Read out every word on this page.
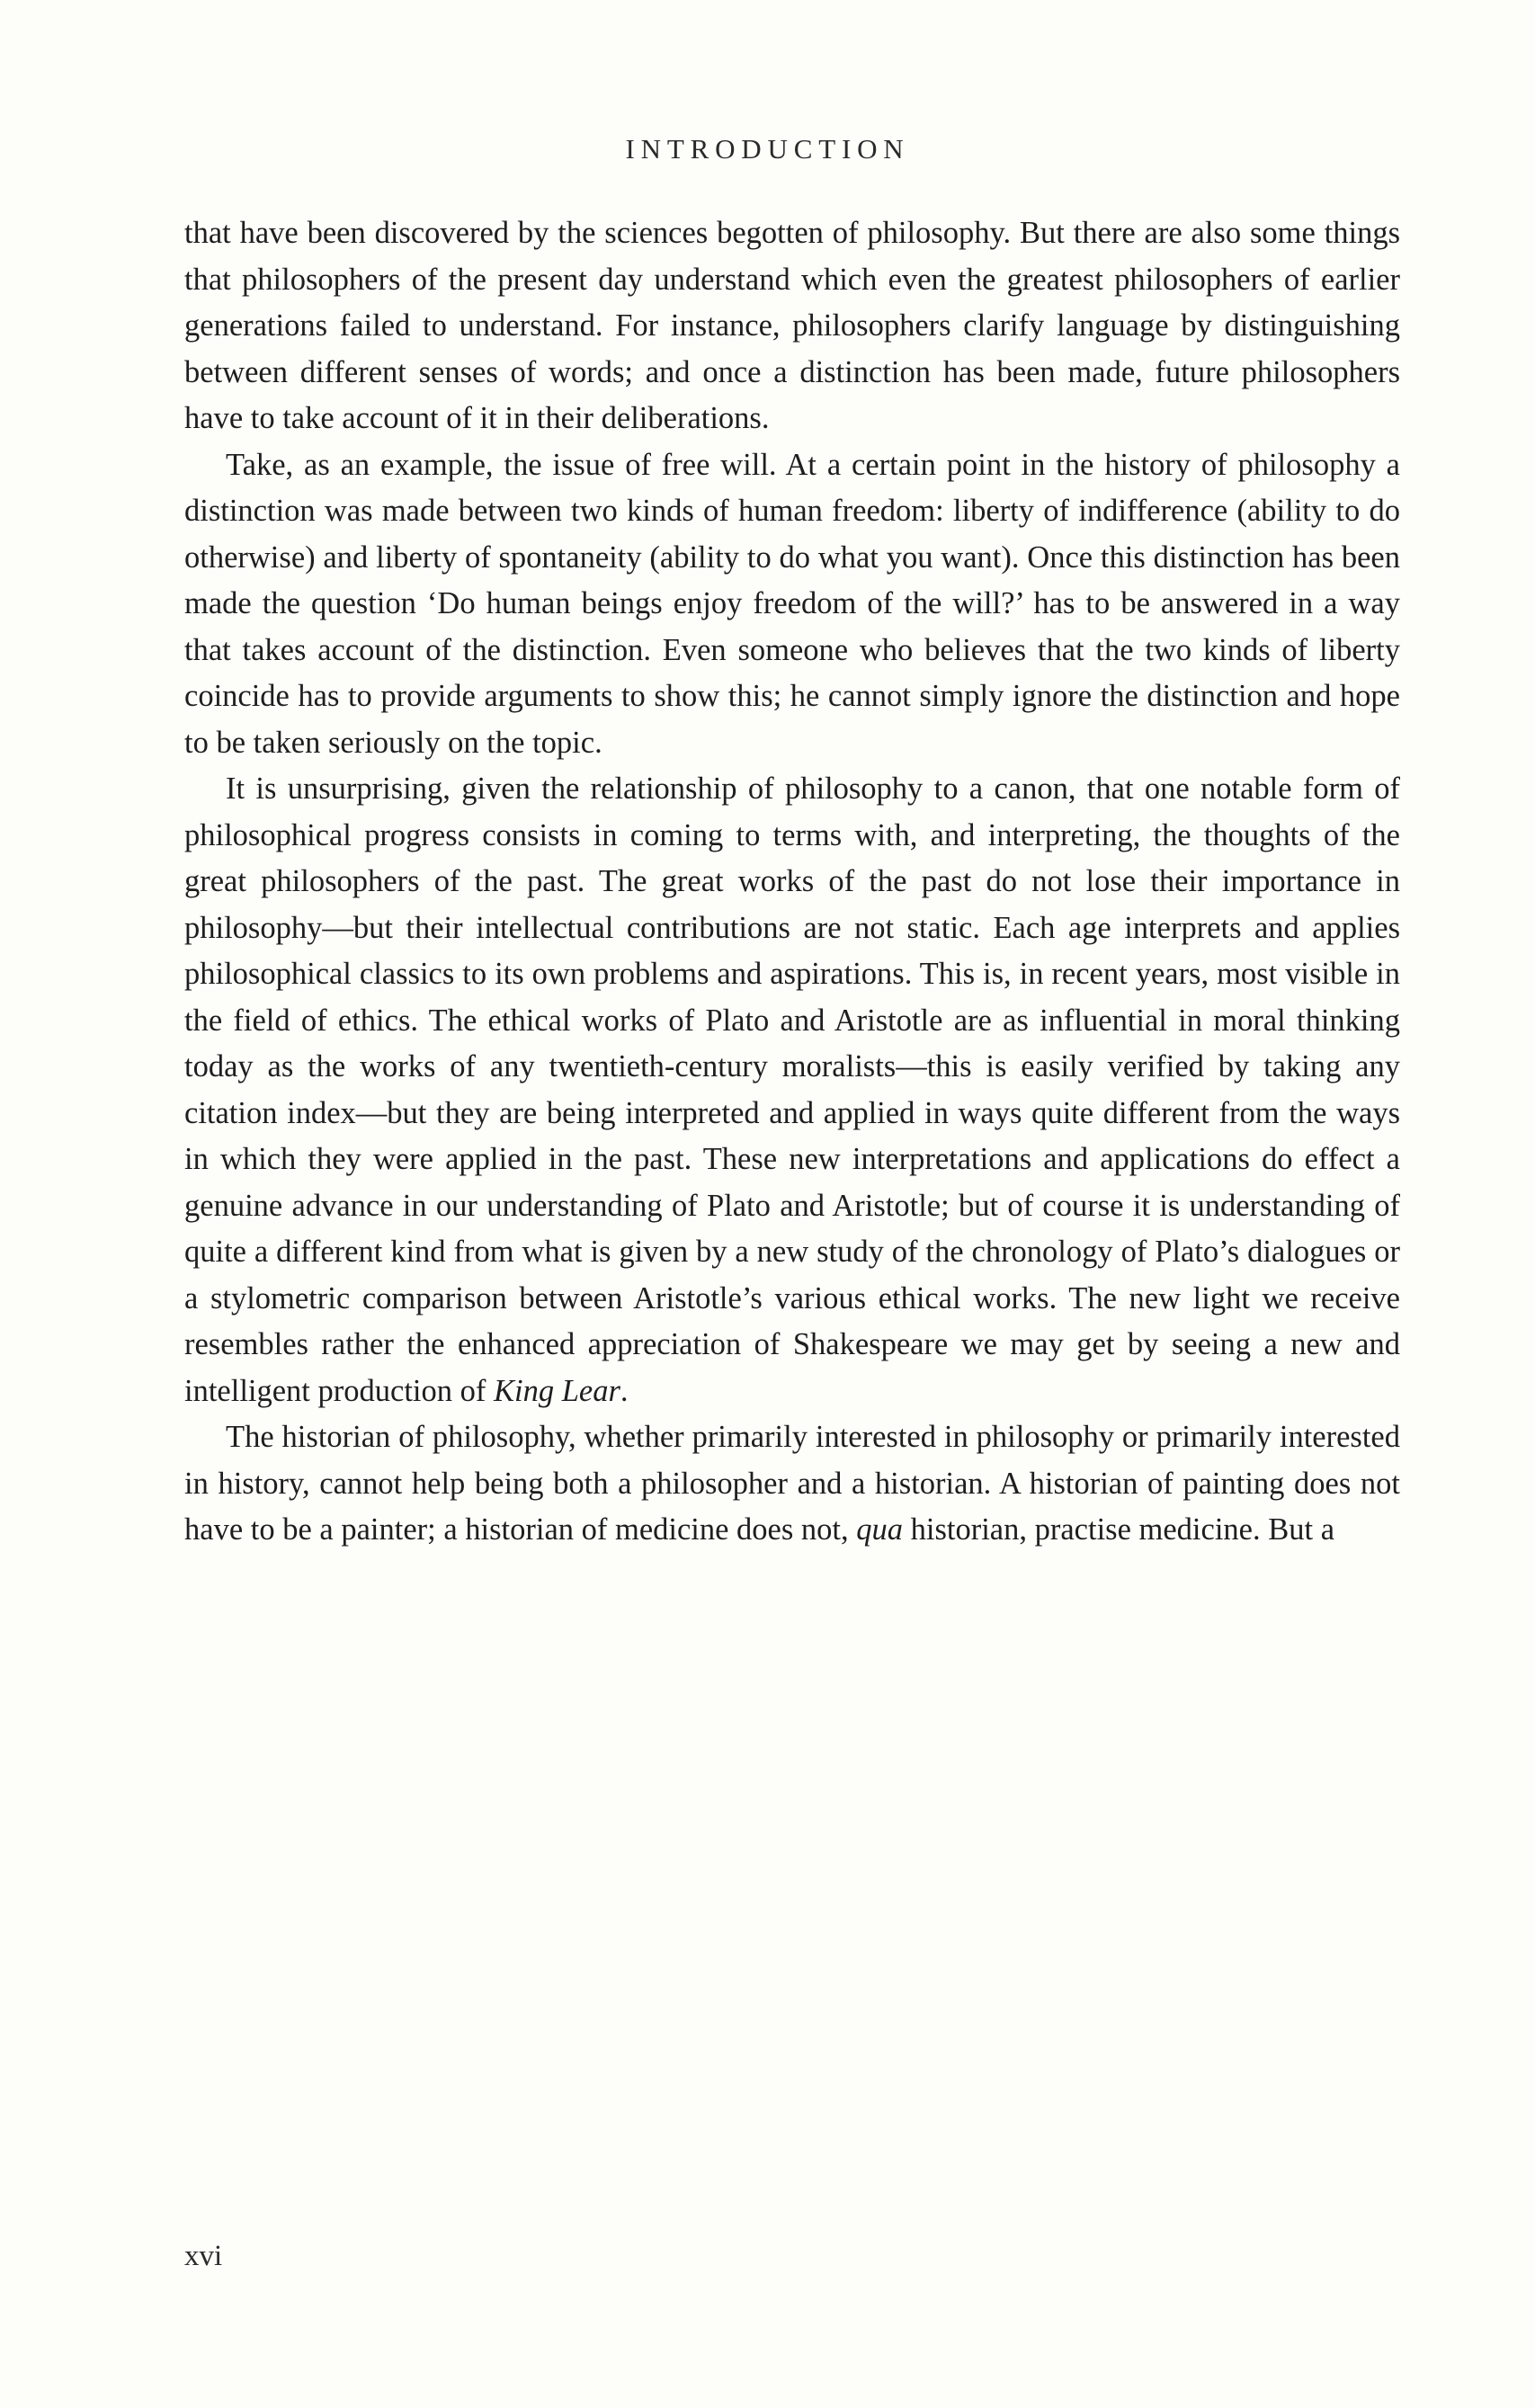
INTRODUCTION

that have been discovered by the sciences begotten of philosophy. But there are also some things that philosophers of the present day understand which even the greatest philosophers of earlier generations failed to understand. For instance, philosophers clarify language by distinguishing between different senses of words; and once a distinction has been made, future philosophers have to take account of it in their deliberations.

Take, as an example, the issue of free will. At a certain point in the history of philosophy a distinction was made between two kinds of human freedom: liberty of indifference (ability to do otherwise) and liberty of spontaneity (ability to do what you want). Once this distinction has been made the question ‘Do human beings enjoy freedom of the will?’ has to be answered in a way that takes account of the distinction. Even someone who believes that the two kinds of liberty coincide has to provide arguments to show this; he cannot simply ignore the distinction and hope to be taken seriously on the topic.

It is unsurprising, given the relationship of philosophy to a canon, that one notable form of philosophical progress consists in coming to terms with, and interpreting, the thoughts of the great philosophers of the past. The great works of the past do not lose their importance in philosophy—but their intellectual contributions are not static. Each age interprets and applies philosophical classics to its own problems and aspirations. This is, in recent years, most visible in the field of ethics. The ethical works of Plato and Aristotle are as influential in moral thinking today as the works of any twentieth-century moralists—this is easily verified by taking any citation index—but they are being interpreted and applied in ways quite different from the ways in which they were applied in the past. These new interpretations and applications do effect a genuine advance in our understanding of Plato and Aristotle; but of course it is understanding of quite a different kind from what is given by a new study of the chronology of Plato’s dialogues or a stylometric comparison between Aristotle’s various ethical works. The new light we receive resembles rather the enhanced appreciation of Shakespeare we may get by seeing a new and intelligent production of King Lear.

The historian of philosophy, whether primarily interested in philosophy or primarily interested in history, cannot help being both a philosopher and a historian. A historian of painting does not have to be a painter; a historian of medicine does not, qua historian, practise medicine. But a

xvi
